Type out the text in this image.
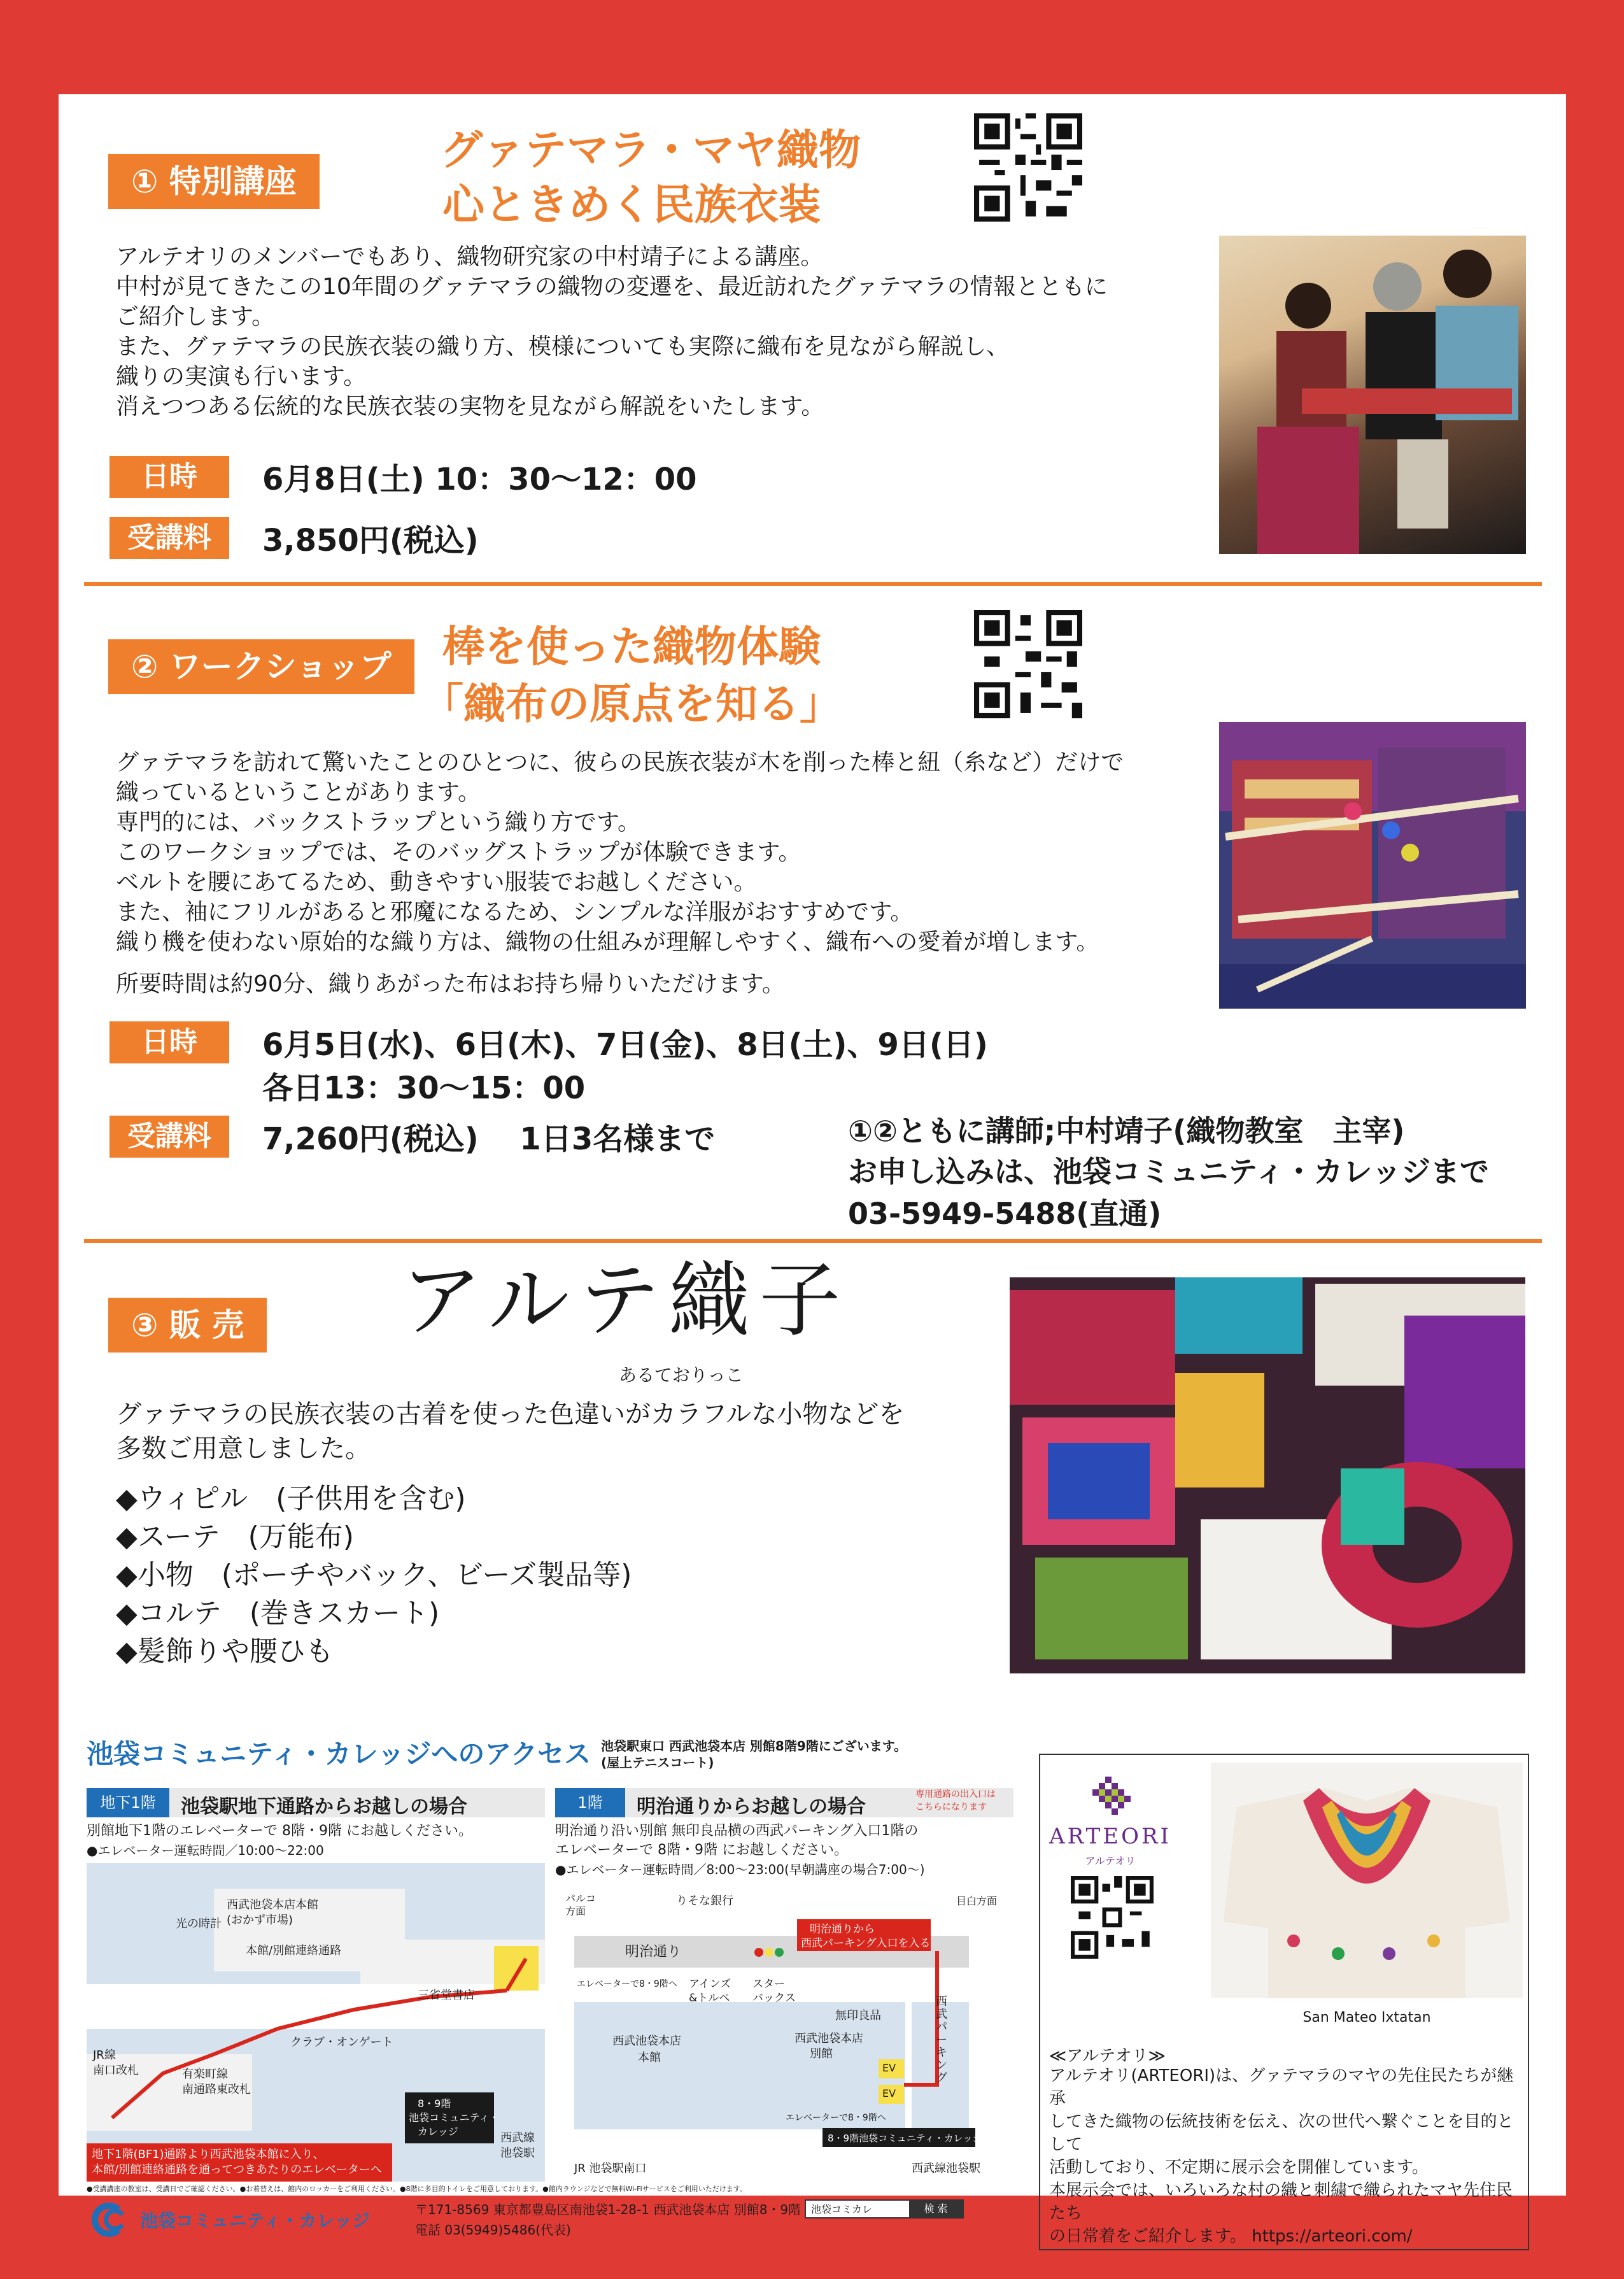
① 特別講座
グァテマラ・マヤ織物
心ときめく民族衣装
アルテオリのメンバーでもあり、織物研究家の中村靖子による講座。
中村が見てきたこの10年間のグァテマラの織物の変遷を、最近訪れたグァテマラの情報とともに
ご紹介します。
また、グァテマラの民族衣装の織り方、模様についても実際に織布を見ながら解説し、
織りの実演も行います。
消えつつある伝統的な民族衣装の実物を見ながら解説をいたします。
日時	6月8日(土) 10：30〜12：00
受講料	3,850円(税込)
② ワークショップ	棒を使った織物体験
「織布の原点を知る」
グァテマラを訪れて驚いたことのひとつに、彼らの民族衣装が木を削った棒と紐（糸など）だけで
織っているということがあります。
専門的には、バックストラップという織り方です。
このワークショップでは、そのバッグストラップが体験できます。
ベルトを腰にあてるため、動きやすい服装でお越しください。
また、袖にフリルがあると邪魔になるため、シンプルな洋服がおすすめです。
織り機を使わない原始的な織り方は、織物の仕組みが理解しやすく、織布への愛着が増します。
所要時間は約90分、織りあがった布はお持ち帰りいただけます。
日時	6月5日(水)、6日(木)、7日(金)、8日(土)、9日(日)
各日13：30〜15：00
受講料	7,260円(税込)　 1日3名様まで	①②ともに講師;中村靖子(織物教室　主宰)
お申し込みは、池袋コミュニティ・カレッジまで
03-5949-5488(直通)
③ 販 売 アルテ織子
あるておりっこ
グァテマラの民族衣装の古着を使った色違いがカラフルな小物などを
多数ご用意しました。
◆ウィピル　(子供用を含む)
◆スーテ　(万能布)
◆小物　(ポーチやバック、ビーズ製品等)
◆コルテ　(巻きスカート)
◆髪飾りや腰ひも
池袋コミュニティ・カレッジへのアクセス 池袋駅東口 西武池袋本店 別館8階9階にございます。
(屋上テニスコート)
地下1階	池袋駅地下通路からお越しの場合
別館地下1階のエレベーターで 8階・9階 にお越しください。
●エレベーター運転時間／10:00〜22:00
西武池袋本店本館
(おかず市場)
光の時計
本館/別館連絡通路
三省堂書店
JR線
南口改札	有楽町線
南通路東改札
クラブ・オンゲート
8・9階
池袋コミュニティ・
カレッジ	西武線
池袋駅
地下1階(BF1)通路より西武池袋本館に入り、
本館/別館連絡通路を通ってつきあたりのエレベーターへ
1階	明治通りからお越しの場合
専用通路の出入口は
こちらになります
明治通り沿い別館 無印良品横の西武パーキング入口1階の
エレベーターで 8階・9階 にお越しください。
●エレベーター運転時間／8:00〜23:00(早朝講座の場合7:00〜)
パルコ
方面
りそな銀行	目白方面
明治通り
明治通りから
西武パーキング入口を入る
エレベーターで8・9階へ アインズ
&トルペ
スター
バックス
無印良品
西武池袋本店
本館
西武池袋本店
別館
エレベーターで8・9階へ
8・9階池袋コミュニティ・カレッジ
西武パーキング
JR 池袋駅南口	西武線池袋駅
EV
EV
●受講講座の教室は、受講日でご確認ください。●お着替えは、館内のロッカーをご利用ください。●8階に多目的トイレをご用意しております。●館内ラウンジなどで無料Wi-Fiサービスをご利用いただけます。
池袋コミュニティ・カレッジ
〒171-8569 東京都豊島区南池袋1-28-1 西武池袋本店 別館8・9階
電話 03(5949)5486(代表)
池袋コミカレ	検 索
ARTEORI
アルテオリ
San Mateo Ixtatan
≪アルテオリ≫
アルテオリ(ARTEORI)は、グァテマラのマヤの先住民たちが継承
してきた織物の伝統技術を伝え、次の世代へ繋ぐことを目的として
活動しており、不定期に展示会を開催しています。
本展示会では、いろいろな村の織と刺繍で織られたマヤ先住民たち
の日常着をご紹介します。 https://arteori.com/
